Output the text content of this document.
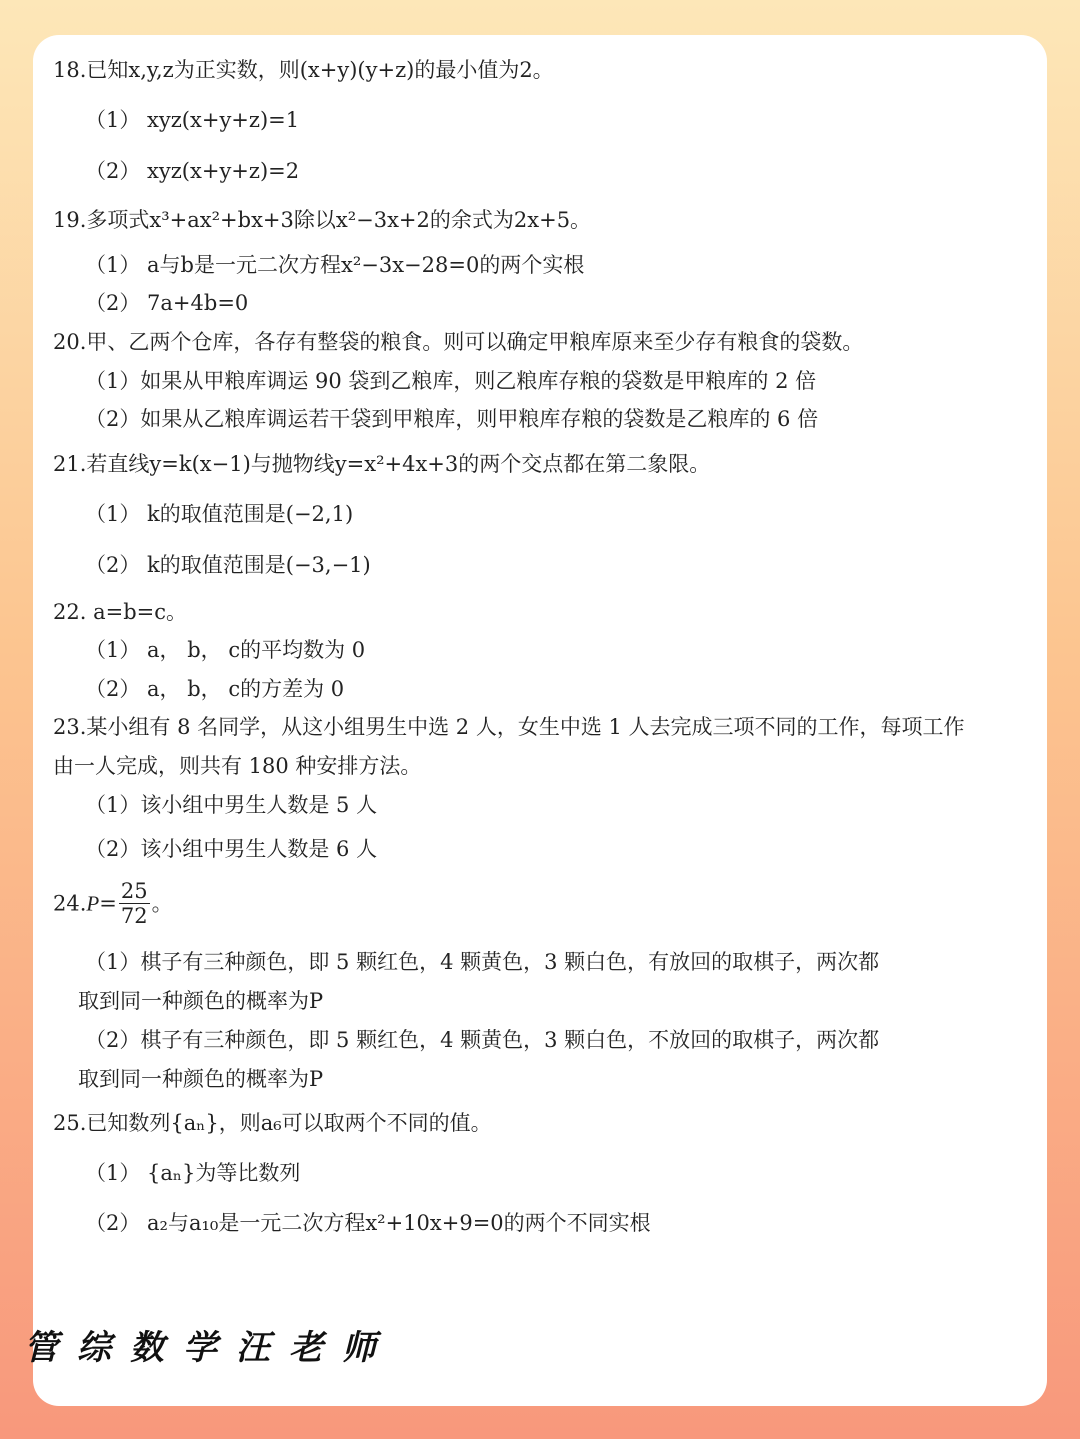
18.已知x,y,z为正实数，则(x+y)(y+z)的最小值为2。
（1） xyz(x+y+z)=1
（2） xyz(x+y+z)=2
19.多项式x³+ax²+bx+3除以x²−3x+2的余式为2x+5。
（1） a与b是一元二次方程x²−3x−28=0的两个实根
（2） 7a+4b=0
20.甲、乙两个仓库，各存有整袋的粮食。则可以确定甲粮库原来至少存有粮食的袋数。
（1）如果从甲粮库调运 90 袋到乙粮库，则乙粮库存粮的袋数是甲粮库的 2 倍
（2）如果从乙粮库调运若干袋到甲粮库，则甲粮库存粮的袋数是乙粮库的 6 倍
21.若直线y=k(x−1)与抛物线y=x²+4x+3的两个交点都在第二象限。
（1） k的取值范围是(−2,1)
（2） k的取值范围是(−3,−1)
22. a=b=c。
（1） a， b， c的平均数为 0
（2） a， b， c的方差为 0
23.某小组有 8 名同学，从这小组男生中选 2 人，女生中选 1 人去完成三项不同的工作，每项工作
由一人完成，则共有 180 种安排方法。
（1）该小组中男生人数是 5 人
（2）该小组中男生人数是 6 人
$24.P= \frac{25}{72}$ 。
（1）棋子有三种颜色，即 5 颗红色，4 颗黄色，3 颗白色，有放回的取棋子，两次都
取到同一种颜色的概率为P
（2）棋子有三种颜色，即 5 颗红色，4 颗黄色，3 颗白色，不放回的取棋子，两次都
取到同一种颜色的概率为P
25.已知数列{aₙ}，则a₆可以取两个不同的值。
（1） {aₙ}为等比数列
（2） a₂与a₁₀是一元二次方程x²+10x+9=0的两个不同实根
管综数学汪老师
